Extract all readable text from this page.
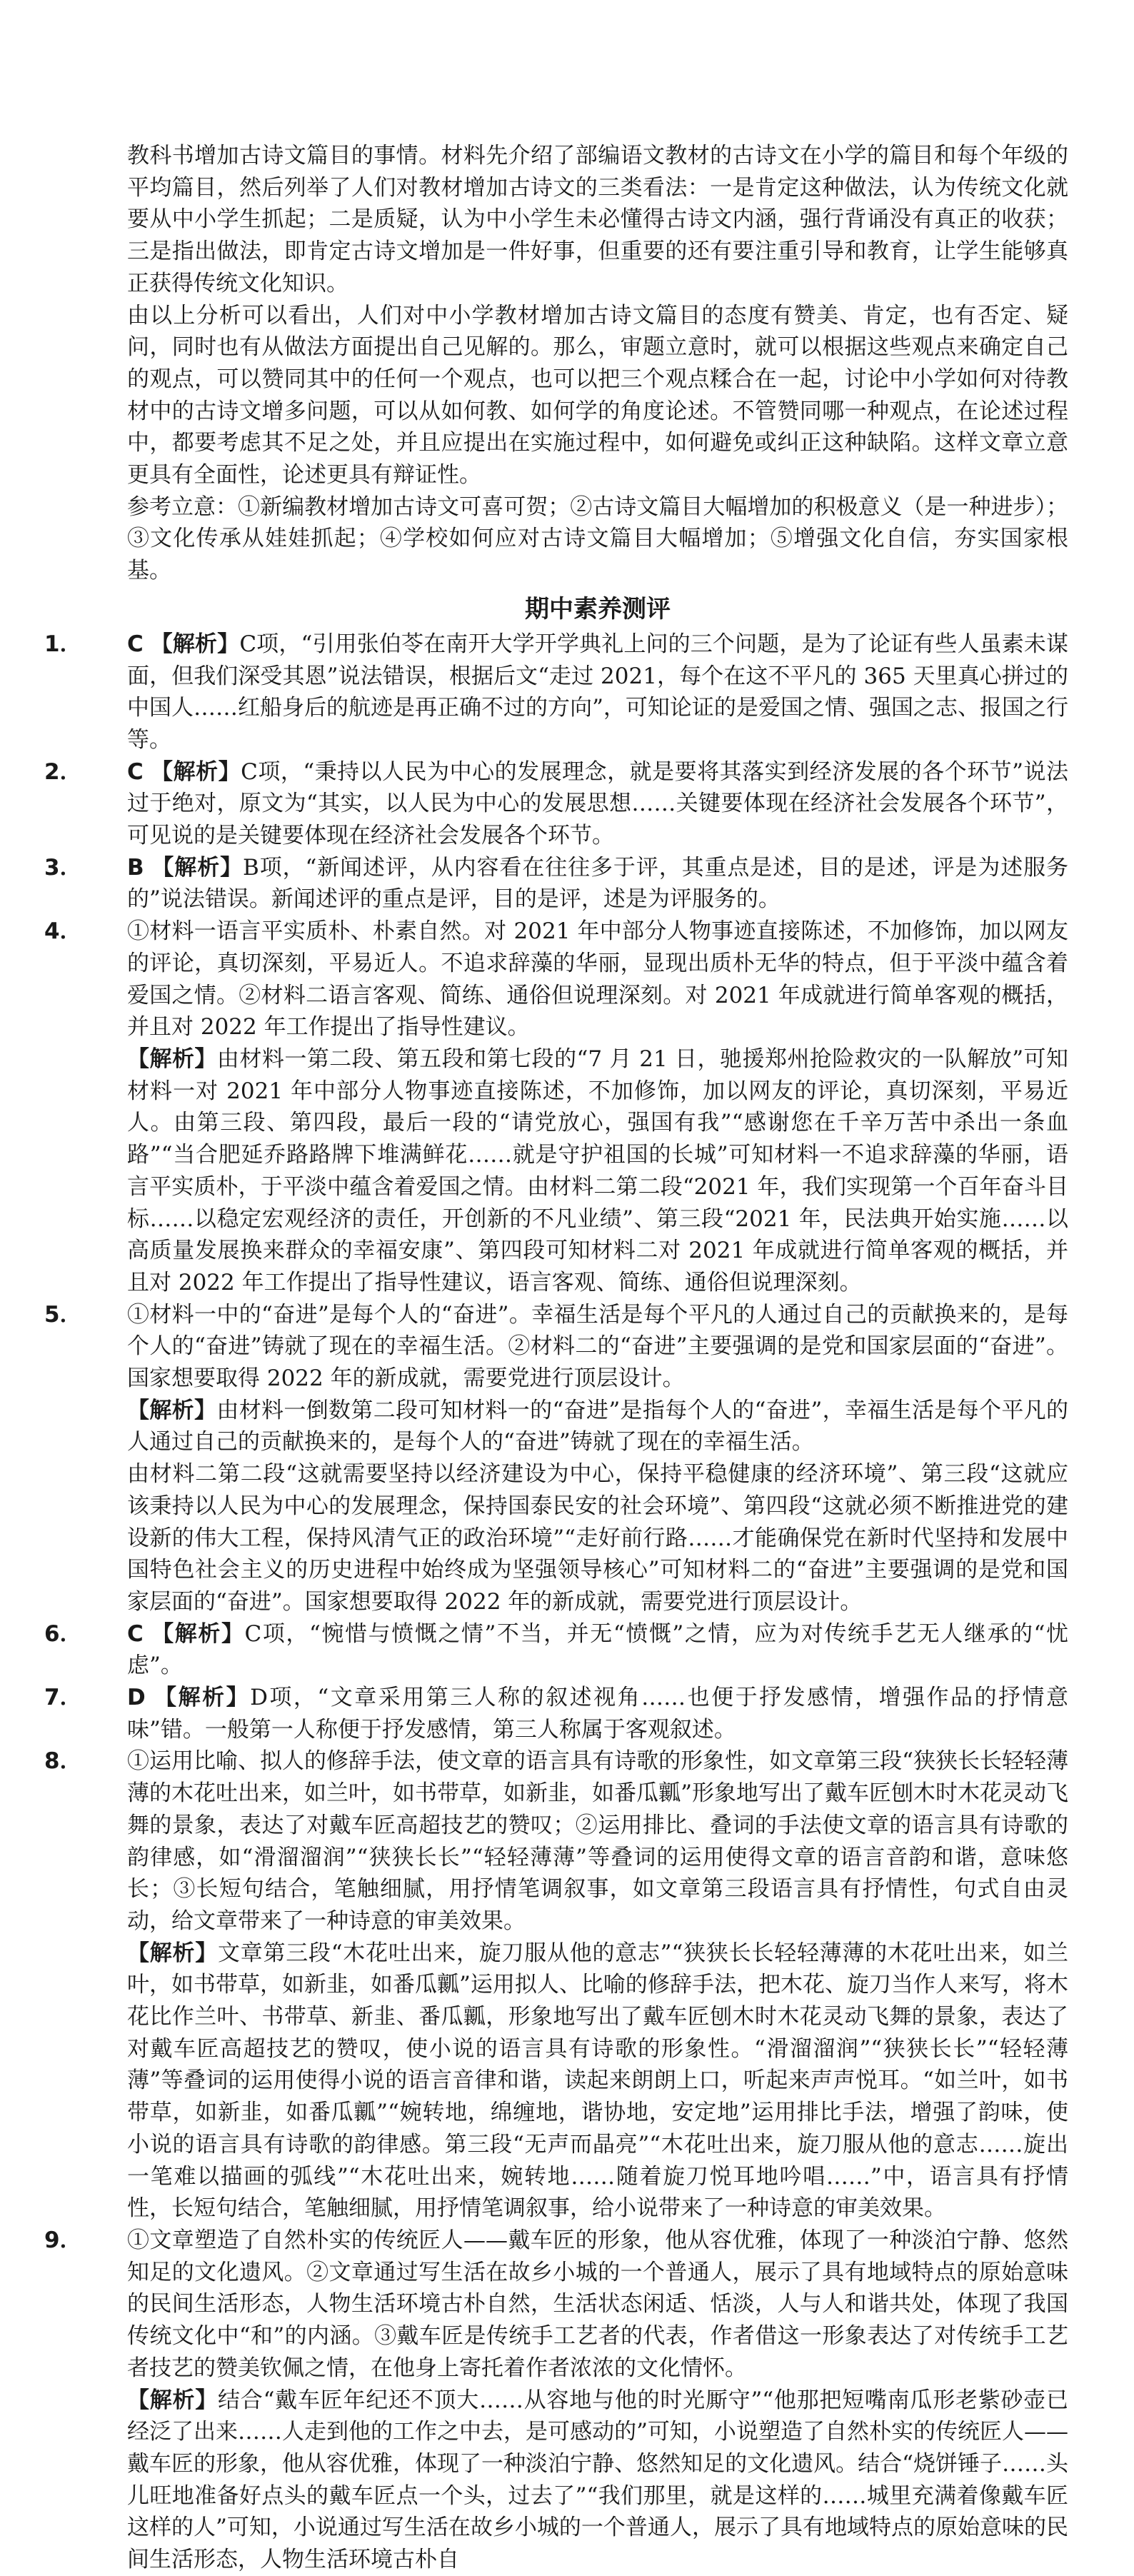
教科书增加古诗文篇目的事情。材料先介绍了部编语文教材的古诗文在小学的篇目和每个年级的平均篇目，然后列举了人们对教材增加古诗文的三类看法：一是肯定这种做法，认为传统文化就要从中小学生抓起；二是质疑，认为中小学生未必懂得古诗文内涵，强行背诵没有真正的收获；三是指出做法，即肯定古诗文增加是一件好事，但重要的还有要注重引导和教育，让学生能够真正获得传统文化知识。

由以上分析可以看出，人们对中小学教材增加古诗文篇目的态度有赞美、肯定，也有否定、疑问，同时也有从做法方面提出自己见解的。那么，审题立意时，就可以根据这些观点来确定自己的观点，可以赞同其中的任何一个观点，也可以把三个观点糅合在一起，讨论中小学如何对待教材中的古诗文增多问题，可以从如何教、如何学的角度论述。不管赞同哪一种观点，在论述过程中，都要考虑其不足之处，并且应提出在实施过程中，如何避免或纠正这种缺陷。这样文章立意更具有全面性，论述更具有辩证性。

参考立意：①新编教材增加古诗文可喜可贺；②古诗文篇目大幅增加的积极意义（是一种进步）；③文化传承从娃娃抓起；④学校如何应对古诗文篇目大幅增加；⑤增强文化自信，夯实国家根基。

期中素养测评
1． C 【解析】C项，“引用张伯苓在南开大学开学典礼上问的三个问题，是为了论证有些人虽素未谋面，但我们深受其恩”说法错误，根据后文“走过 2021，每个在这不平凡的 365 天里真心拼过的中国人……红船身后的航迹是再正确不过的方向”，可知论证的是爱国之情、强国之志、报国之行等。

2． C 【解析】C项，“秉持以人民为中心的发展理念，就是要将其落实到经济发展的各个环节”说法过于绝对，原文为“其实，以人民为中心的发展思想……关键要体现在经济社会发展各个环节”，可见说的是关键要体现在经济社会发展各个环节。

3． B 【解析】B项，“新闻述评，从内容看在往往多于评，其重点是述，目的是述，评是为述服务的”说法错误。新闻述评的重点是评，目的是评，述是为评服务的。

4． ①材料一语言平实质朴、朴素自然。对 2021 年中部分人物事迹直接陈述，不加修饰，加以网友的评论，真切深刻，平易近人。不追求辞藻的华丽，显现出质朴无华的特点，但于平淡中蕴含着爱国之情。②材料二语言客观、简练、通俗但说理深刻。对 2021 年成就进行简单客观的概括，并且对 2022 年工作提出了指导性建议。

【解析】由材料一第二段、第五段和第七段的“7 月 21 日，驰援郑州抢险救灾的一队解放”可知材料一对 2021 年中部分人物事迹直接陈述，不加修饰，加以网友的评论，真切深刻，平易近人。由第三段、第四段，最后一段的“请党放心，强国有我”“感谢您在千辛万苦中杀出一条血路”“当合肥延乔路路牌下堆满鲜花……就是守护祖国的长城”可知材料一不追求辞藻的华丽，语言平实质朴，于平淡中蕴含着爱国之情。由材料二第二段“2021 年，我们实现第一个百年奋斗目标……以稳定宏观经济的责任，开创新的不凡业绩”、第三段“2021 年，民法典开始实施……以高质量发展换来群众的幸福安康”、第四段可知材料二对 2021 年成就进行简单客观的概括，并且对 2022 年工作提出了指导性建议，语言客观、简练、通俗但说理深刻。

5． ①材料一中的“奋进”是每个人的“奋进”。幸福生活是每个平凡的人通过自己的贡献换来的，是每个人的“奋进”铸就了现在的幸福生活。②材料二的“奋进”主要强调的是党和国家层面的“奋进”。国家想要取得 2022 年的新成就，需要党进行顶层设计。

【解析】由材料一倒数第二段可知材料一的“奋进”是指每个人的“奋进”，幸福生活是每个平凡的人通过自己的贡献换来的，是每个人的“奋进”铸就了现在的幸福生活。

由材料二第二段“这就需要坚持以经济建设为中心，保持平稳健康的经济环境”、第三段“这就应该秉持以人民为中心的发展理念，保持国泰民安的社会环境”、第四段“这就必须不断推进党的建设新的伟大工程，保持风清气正的政治环境”“走好前行路……才能确保党在新时代坚持和发展中国特色社会主义的历史进程中始终成为坚强领导核心”可知材料二的“奋进”主要强调的是党和国家层面的“奋进”。国家想要取得 2022 年的新成就，需要党进行顶层设计。

6． C 【解析】C项，“惋惜与愤慨之情”不当，并无“愤慨”之情，应为对传统手艺无人继承的“忧虑”。

7． D 【解析】D项，“文章采用第三人称的叙述视角……也便于抒发感情，增强作品的抒情意味”错。一般第一人称便于抒发感情，第三人称属于客观叙述。

8． ①运用比喻、拟人的修辞手法，使文章的语言具有诗歌的形象性，如文章第三段“狭狭长长轻轻薄薄的木花吐出来，如兰叶，如书带草，如新韭，如番瓜瓤”形象地写出了戴车匠刨木时木花灵动飞舞的景象，表达了对戴车匠高超技艺的赞叹；②运用排比、叠词的手法使文章的语言具有诗歌的韵律感，如“滑溜溜润”“狭狭长长”“轻轻薄薄”等叠词的运用使得文章的语言音韵和谐，意味悠长；③长短句结合，笔触细腻，用抒情笔调叙事，如文章第三段语言具有抒情性，句式自由灵动，给文章带来了一种诗意的审美效果。

【解析】文章第三段“木花吐出来，旋刀服从他的意志”“狭狭长长轻轻薄薄的木花吐出来，如兰叶，如书带草，如新韭，如番瓜瓤”运用拟人、比喻的修辞手法，把木花、旋刀当作人来写，将木花比作兰叶、书带草、新韭、番瓜瓤，形象地写出了戴车匠刨木时木花灵动飞舞的景象，表达了对戴车匠高超技艺的赞叹，使小说的语言具有诗歌的形象性。“滑溜溜润”“狭狭长长”“轻轻薄薄”等叠词的运用使得小说的语言音律和谐，读起来朗朗上口，听起来声声悦耳。“如兰叶，如书带草，如新韭，如番瓜瓤”“婉转地，绵缠地，谐协地，安定地”运用排比手法，增强了韵味，使小说的语言具有诗歌的韵律感。第三段“无声而晶亮”“木花吐出来，旋刀服从他的意志……旋出一笔难以描画的弧线”“木花吐出来，婉转地……随着旋刀悦耳地吟唱……”中，语言具有抒情性，长短句结合，笔触细腻，用抒情笔调叙事，给小说带来了一种诗意的审美效果。

9． ①文章塑造了自然朴实的传统匠人——戴车匠的形象，他从容优雅，体现了一种淡泊宁静、悠然知足的文化遗风。②文章通过写生活在故乡小城的一个普通人，展示了具有地域特点的原始意味的民间生活形态，人物生活环境古朴自然，生活状态闲适、恬淡，人与人和谐共处，体现了我国传统文化中“和”的内涵。③戴车匠是传统手工艺者的代表，作者借这一形象表达了对传统手工艺者技艺的赞美钦佩之情，在他身上寄托着作者浓浓的文化情怀。

【解析】结合“戴车匠年纪还不顶大……从容地与他的时光厮守”“他那把短嘴南瓜形老紫砂壶已经泛了出来……人走到他的工作之中去，是可感动的”可知，小说塑造了自然朴实的传统匠人——戴车匠的形象，他从容优雅，体现了一种淡泊宁静、悠然知足的文化遗风。结合“烧饼锤子……头儿旺地准备好点头的戴车匠点一个头，过去了”“我们那里，就是这样的……城里充满着像戴车匠这样的人”可知，小说通过写生活在故乡小城的一个普通人，展示了具有地域特点的原始意味的民间生活形态，人物生活环境古朴自
